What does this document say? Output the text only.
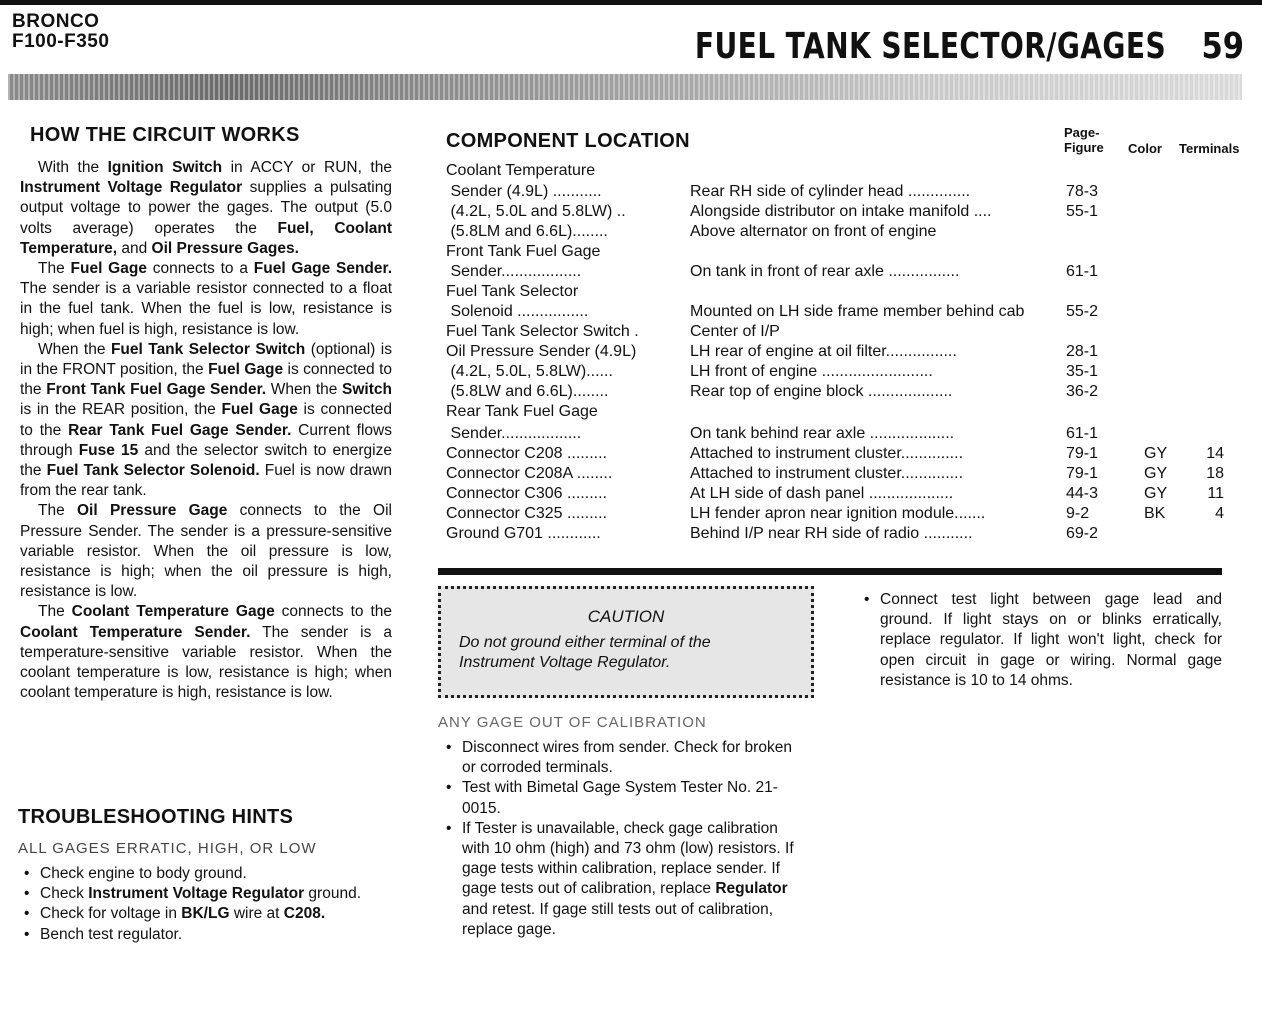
BRONCO
F100-F350	FUEL TANK SELECTOR/GAGES 59
HOW THE CIRCUIT WORKS

With the Ignition Switch in ACCY or RUN, the Instrument Voltage Regulator supplies a pulsating output voltage to power the gages. The output (5.0 volts average) operates the Fuel, Coolant Temperature, and Oil Pressure Gages.

The Fuel Gage connects to a Fuel Gage Sender. The sender is a variable resistor connected to a float in the fuel tank. When the fuel is low, resistance is high; when fuel is high, resistance is low.

When the Fuel Tank Selector Switch (optional) is in the FRONT position, the Fuel Gage is connected to the Front Tank Fuel Gage Sender. When the Switch is in the REAR position, the Fuel Gage is connected to the Rear Tank Fuel Gage Sender. Current flows through Fuse 15 and the selector switch to energize the Fuel Tank Selector Solenoid. Fuel is now drawn from the rear tank.

The Oil Pressure Gage connects to the Oil Pressure Sender. The sender is a pressure-sensitive variable resistor. When the oil pressure is low, resistance is high; when the oil pressure is high, resistance is low.

The Coolant Temperature Gage connects to the Coolant Temperature Sender. The sender is a temperature-sensitive variable resistor. When the coolant temperature is low, resistance is high; when coolant temperature is high, resistance is low.

TROUBLESHOOTING HINTS
ALL GAGES ERRATIC, HIGH, OR LOW
• Check engine to body ground.
• Check Instrument Voltage Regulator ground.
• Check for voltage in BK/LG wire at C208.
• Bench test regulator.
COMPONENT LOCATION	Page-
Figure Color Terminals
Coolant Temperature
Sender (4.9L) ...........	Rear RH side of cylinder head ..............	78-3
(4.2L, 5.0L and 5.8LW) ..	Alongside distributor on intake manifold ....	55-1
(5.8LM and 6.6L)........	Above alternator on front of engine
Front Tank Fuel Gage
Sender..................	On tank in front of rear axle ................	61-1
Fuel Tank Selector
Solenoid ................	Mounted on LH side frame member behind cab	55-2
Fuel Tank Selector Switch .	Center of I/P
Oil Pressure Sender (4.9L)	LH rear of engine at oil filter................	28-1
(4.2L, 5.0L, 5.8LW)......	LH front of engine .........................	35-1
(5.8LW and 6.6L)........	Rear top of engine block ...................	36-2
Rear Tank Fuel Gage
Sender..................	On tank behind rear axle ...................	61-1
Connector C208 .........	Attached to instrument cluster..............	79-1	GY	14
Connector C208A ........	Attached to instrument cluster..............	79-1	GY	18
Connector C306 .........	At LH side of dash panel ...................	44-3	GY	11
Connector C325 .........	LH fender apron near ignition module.......	9-2	BK	4
Ground G701 ............	Behind I/P near RH side of radio ...........	69-2
CAUTION
Do not ground either terminal of the
Instrument Voltage Regulator.
ANY GAGE OUT OF CALIBRATION
• Disconnect wires from sender. Check for broken or corroded terminals.
• Test with Bimetal Gage System Tester No. 21-0015.
• If Tester is unavailable, check gage calibration with 10 ohm (high) and 73 ohm (low) resistors. If gage tests within calibration, replace sender. If gage tests out of calibration, replace Regulator and retest. If gage still tests out of calibration, replace gage.
• Connect test light between gage lead and ground. If light stays on or blinks erratically, replace regulator. If light won't light, check for open circuit in gage or wiring. Normal gage resistance is 10 to 14 ohms.
